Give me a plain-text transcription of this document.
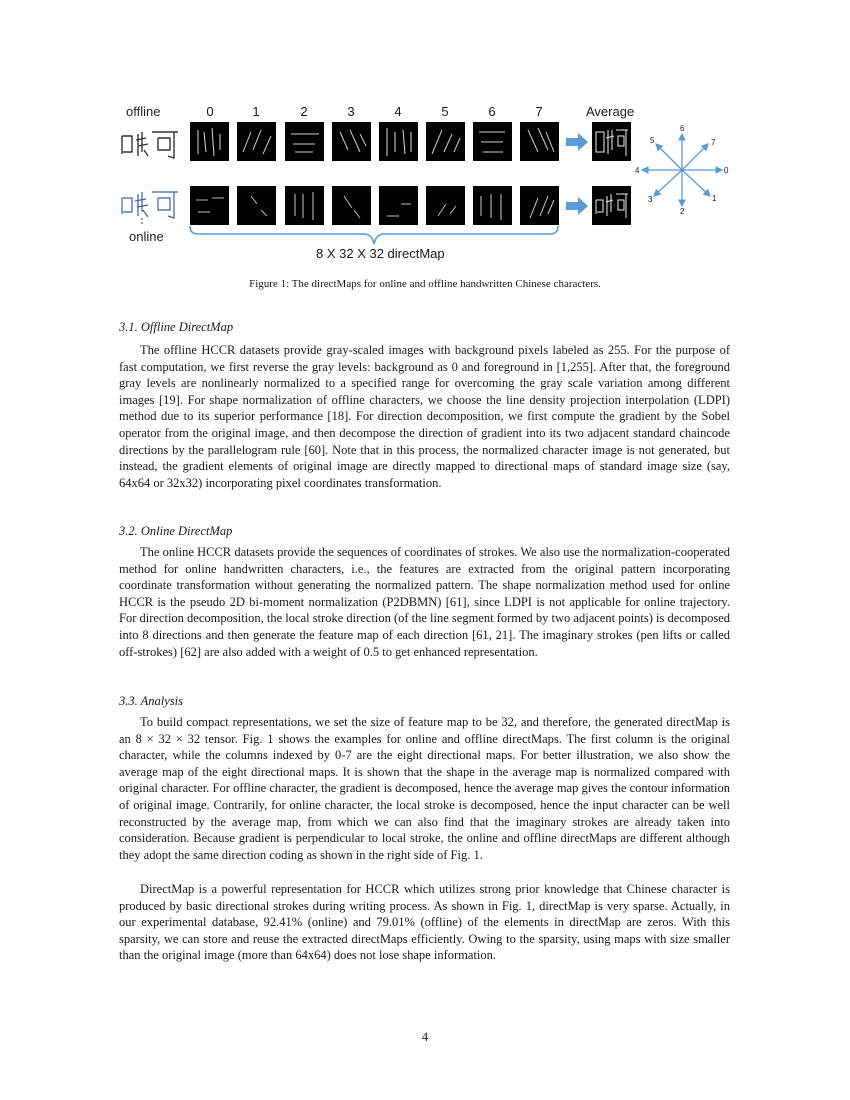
offline
online
0	1	2	3	4	5	6	7	Average
8 X 32 X 32 directMap
0
1
2
3
4
5
6
7
Figure 1: The directMaps for online and offline handwritten Chinese characters.
3.1. Offline DirectMap

The offline HCCR datasets provide gray-scaled images with background pixels labeled as 255. For the purpose of fast computation, we first reverse the gray levels: background as 0 and foreground in [1,255]. After that, the foreground gray levels are nonlinearly normalized to a specified range for overcoming the gray scale variation among different images [19]. For shape normalization of offline characters, we choose the line density projection interpolation (LDPI) method due to its superior performance [18]. For direction decomposition, we first compute the gradient by the Sobel operator from the original image, and then decompose the direction of gradient into its two adjacent standard chaincode directions by the parallelogram rule [60]. Note that in this process, the normalized character image is not generated, but instead, the gradient elements of original image are directly mapped to directional maps of standard image size (say, 64x64 or 32x32) incorporating pixel coordinates transformation.

3.2. Online DirectMap

The online HCCR datasets provide the sequences of coordinates of strokes. We also use the normalization-cooperated method for online handwritten characters, i.e., the features are extracted from the original pattern incorporating coordinate transformation without generating the normalized pattern. The shape normalization method used for online HCCR is the pseudo 2D bi-moment normalization (P2DBMN) [61], since LDPI is not applicable for online trajectory. For direction decomposition, the local stroke direction (of the line segment formed by two adjacent points) is decomposed into 8 directions and then generate the feature map of each direction [61, 21]. The imaginary strokes (pen lifts or called off-strokes) [62] are also added with a weight of 0.5 to get enhanced representation.

3.3. Analysis

To build compact representations, we set the size of feature map to be 32, and therefore, the generated directMap is an 8 × 32 × 32 tensor. Fig. 1 shows the examples for online and offline directMaps. The first column is the original character, while the columns indexed by 0-7 are the eight directional maps. For better illustration, we also show the average map of the eight directional maps. It is shown that the shape in the average map is normalized compared with original character. For offline character, the gradient is decomposed, hence the average map gives the contour information of original image. Contrarily, for online character, the local stroke is decomposed, hence the input character can be well reconstructed by the average map, from which we can also find that the imaginary strokes are already taken into consideration. Because gradient is perpendicular to local stroke, the online and offline directMaps are different although they adopt the same direction coding as shown in the right side of Fig. 1.

DirectMap is a powerful representation for HCCR which utilizes strong prior knowledge that Chinese character is produced by basic directional strokes during writing process. As shown in Fig. 1, directMap is very sparse. Actually, in our experimental database, 92.41% (online) and 79.01% (offline) of the elements in directMap are zeros. With this sparsity, we can store and reuse the extracted directMaps efficiently. Owing to the sparsity, using maps with size smaller than the original image (more than 64x64) does not lose shape information.

4
